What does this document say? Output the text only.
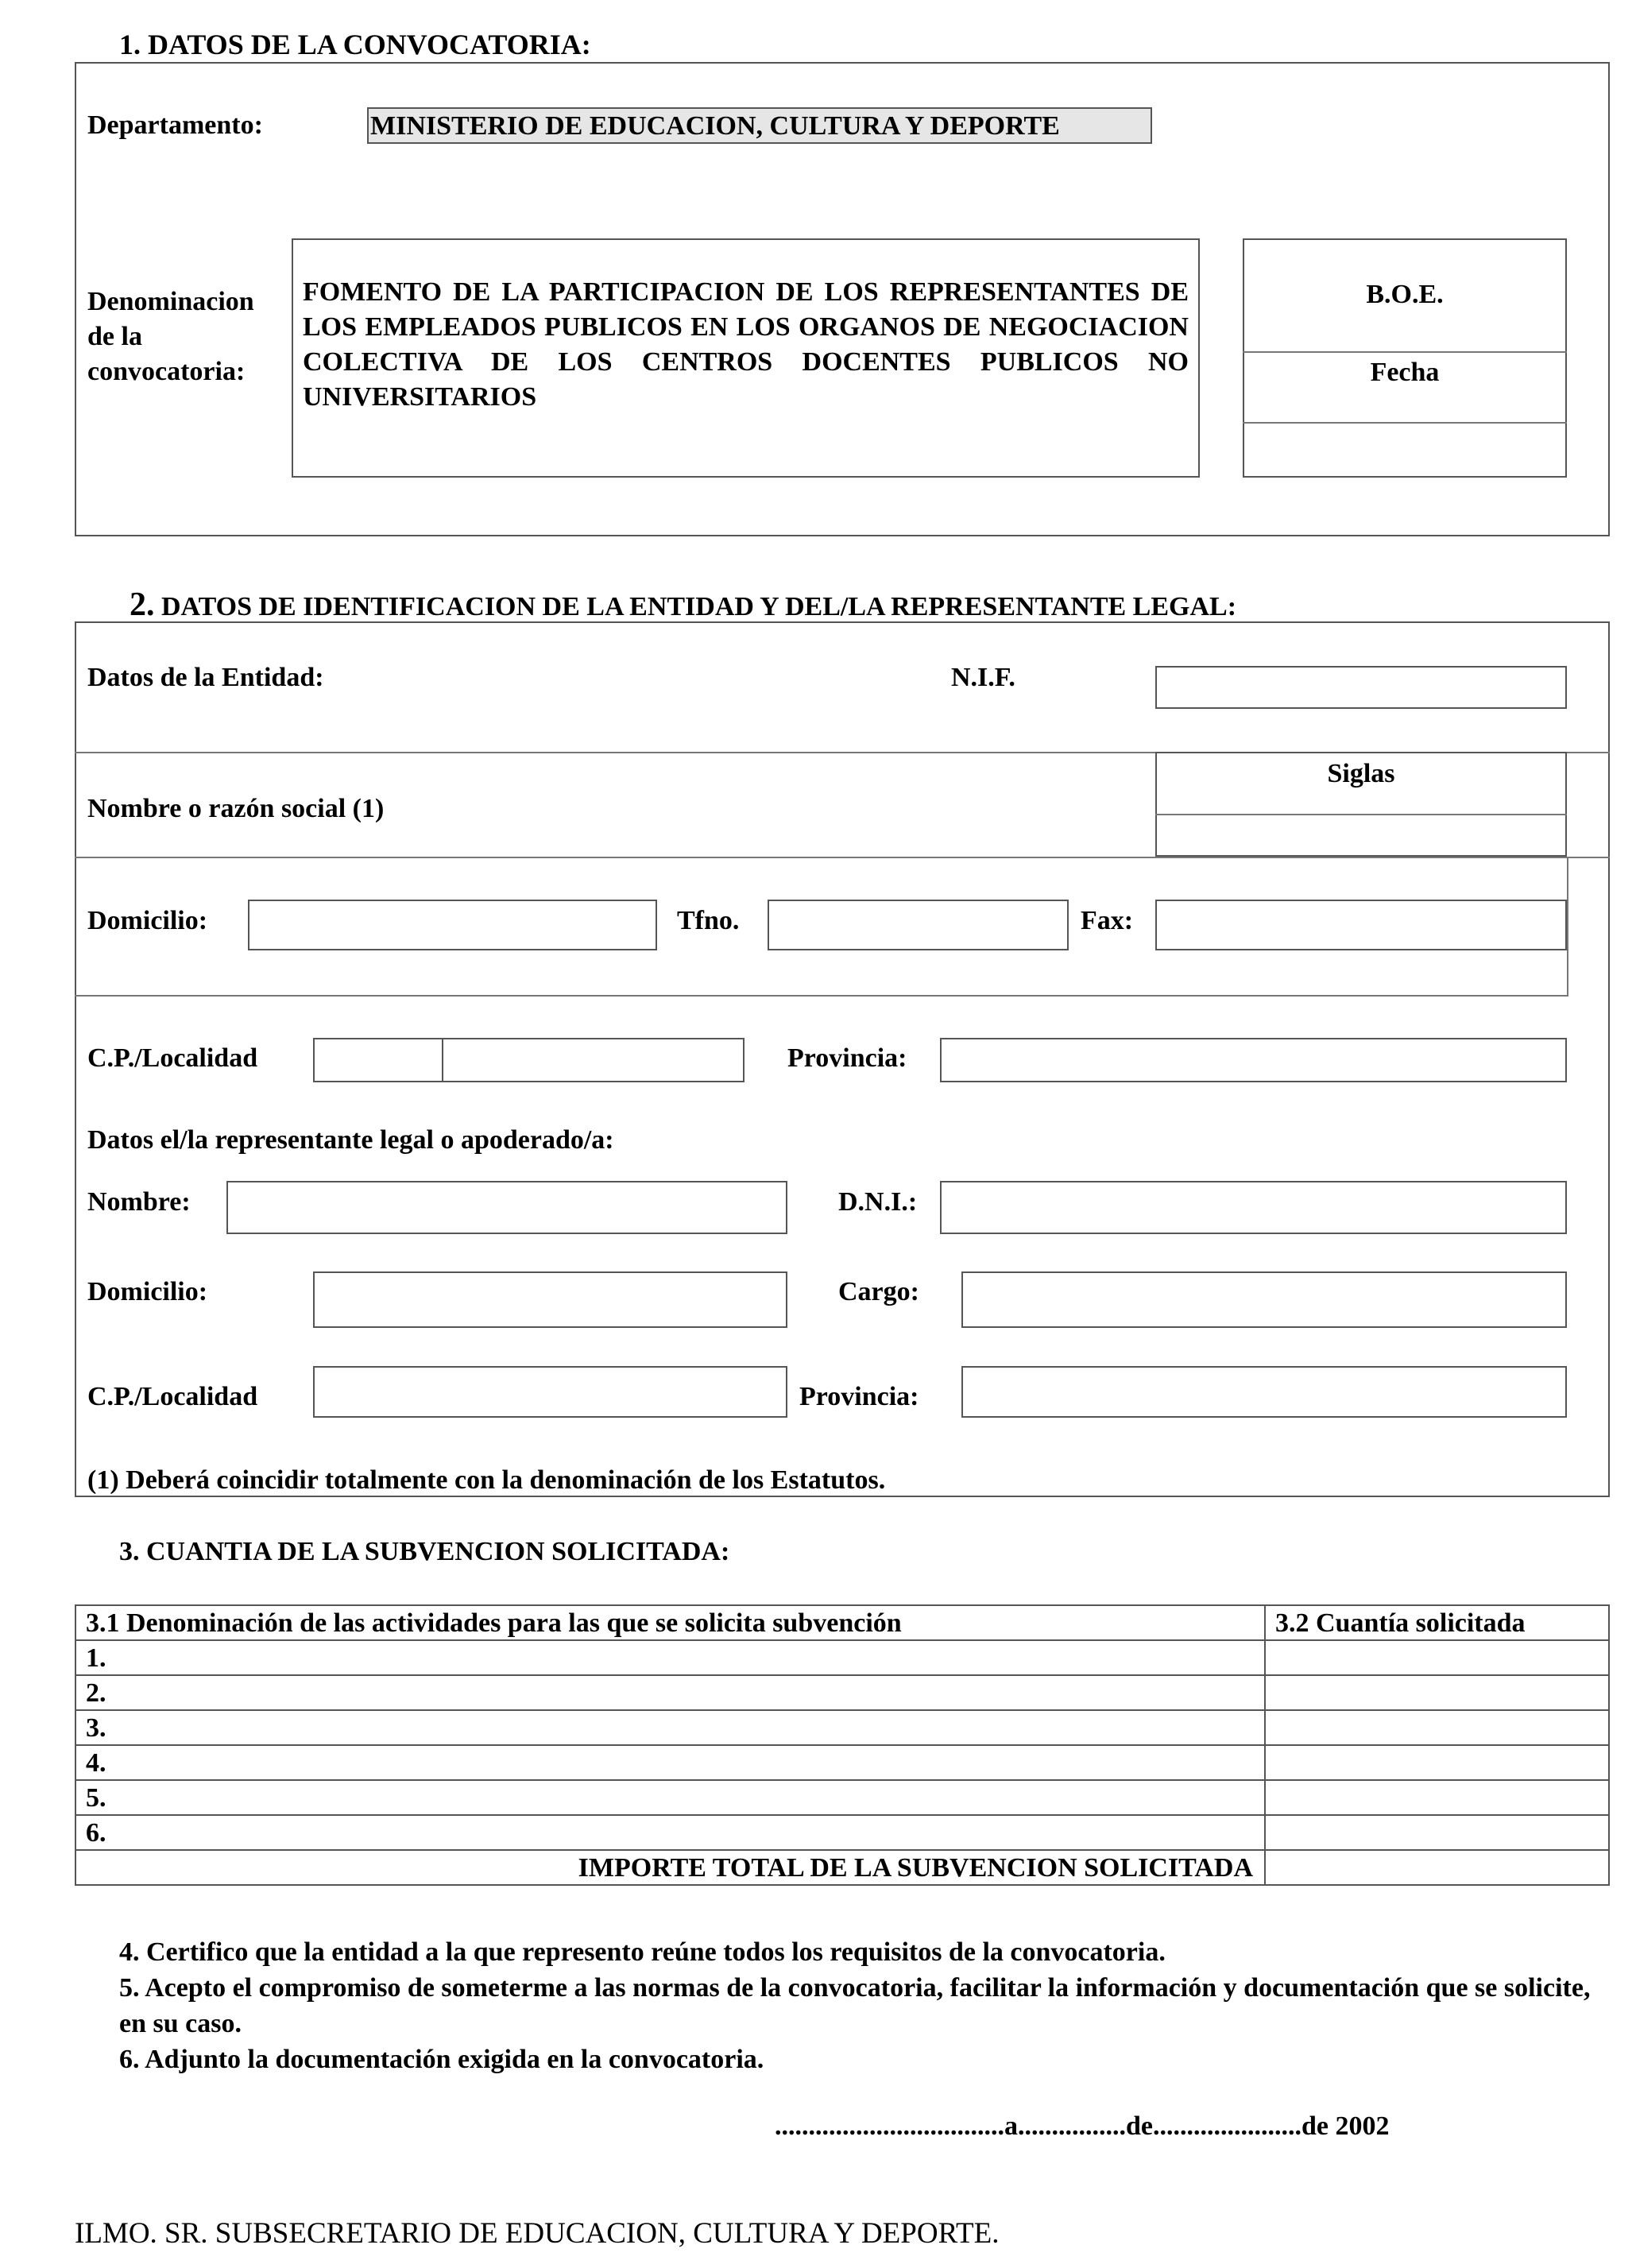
1. DATOS DE LA CONVOCATORIA:
Departamento:	MINISTERIO DE EDUCACION, CULTURA Y DEPORTE
Denominacion de la convocatoria:
FOMENTO DE LA PARTICIPACION DE LOS REPRESENTANTES DE LOS EMPLEADOS PUBLICOS EN LOS ORGANOS DE NEGOCIACION COLECTIVA DE LOS CENTROS DOCENTES PUBLICOS NO UNIVERSITARIOS
B.O.E.
Fecha
2. DATOS DE IDENTIFICACION DE LA ENTIDAD Y DEL/LA REPRESENTANTE LEGAL:
Datos de la Entidad:	N.I.F.
Siglas
Nombre o razón social (1)
Domicilio:	Tfno.	Fax:
C.P./Localidad	Provincia:
Datos el/la representante legal o apoderado/a:
Nombre:	D.N.I.:
Domicilio:	Cargo:
C.P./Localidad	Provincia:
(1) Deberá coincidir totalmente con la denominación de los Estatutos.
3. CUANTIA DE LA SUBVENCION SOLICITADA:
3.1 Denominación de las actividades para las que se solicita subvención	3.2 Cuantía solicitada
1.	
2.	
3.	
4.	
5.	
6.	
IMPORTE TOTAL DE LA SUBVENCION SOLICITADA	
4. Certifico que la entidad a la que represento reúne todos los requisitos de la convocatoria.
5. Acepto el compromiso de someterme a las normas de la convocatoria, facilitar la información y documentación que se solicite, en su caso.
6. Adjunto la documentación exigida en la convocatoria.
..................................a................de......................de 2002
ILMO. SR. SUBSECRETARIO DE EDUCACION, CULTURA Y DEPORTE.
